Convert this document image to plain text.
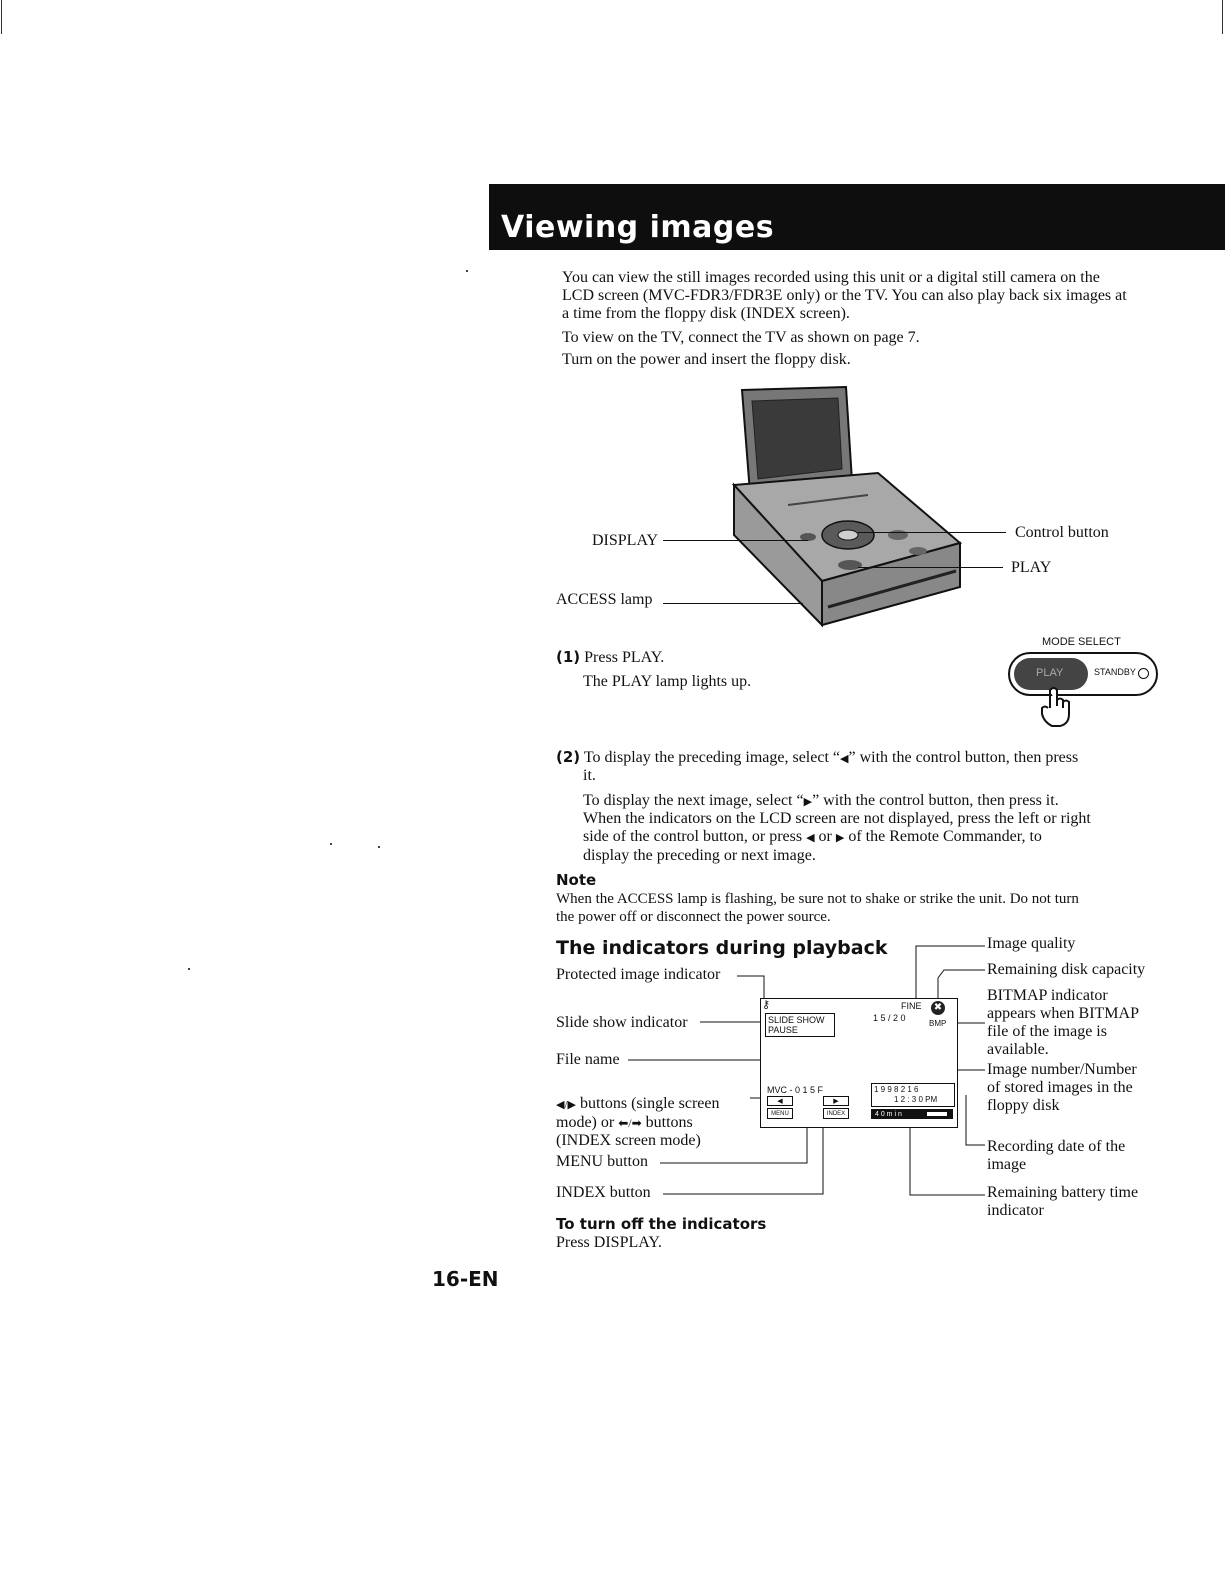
Viewing images
You can view the still images recorded using this unit or a digital still camera on the
LCD screen (MVC-FDR3/FDR3E only) or the TV. You can also play back six images at
a time from the floppy disk (INDEX screen).
To view on the TV, connect the TV as shown on page 7.
Turn on the power and insert the floppy disk.
DISPLAY
ACCESS lamp
Control button
PLAY
(1) Press PLAY.
The PLAY lamp lights up.
MODE SELECT
PLAY	STANDBY
(2) To display the preceding image, select “◀” with the control button, then press
it.
To display the next image, select “▶” with the control button, then press it.
When the indicators on the LCD screen are not displayed, press the left or right
side of the control button, or press ◀ or ▶ of the Remote Commander, to
display the preceding or next image.
Note
When the ACCESS lamp is flashing, be sure not to shake or strike the unit. Do not turn
the power off or disconnect the power source.
The indicators during playback
Protected image indicator
Slide show indicator
File name
◀/▶ buttons (single screen
mode) or ⬅/➡ buttons
(INDEX screen mode)
MENU button
INDEX button
Image quality
Remaining disk capacity
BITMAP indicator
appears when BITMAP
file of the image is
available.
Image number/Number
of stored images in the
floppy disk
Recording date of the
image
Remaining battery time
indicator
⚷
SLIDE SHOW
PAUSE
FINE
1 5 / 2 0
✖
BMP
MVC - 0 1 5 F
◀	▶
MENU	INDEX
1 9 9 8 2 1 6
1 2 : 3 0 PM
4 0 m i n
To turn off the indicators
Press DISPLAY.
16-EN
